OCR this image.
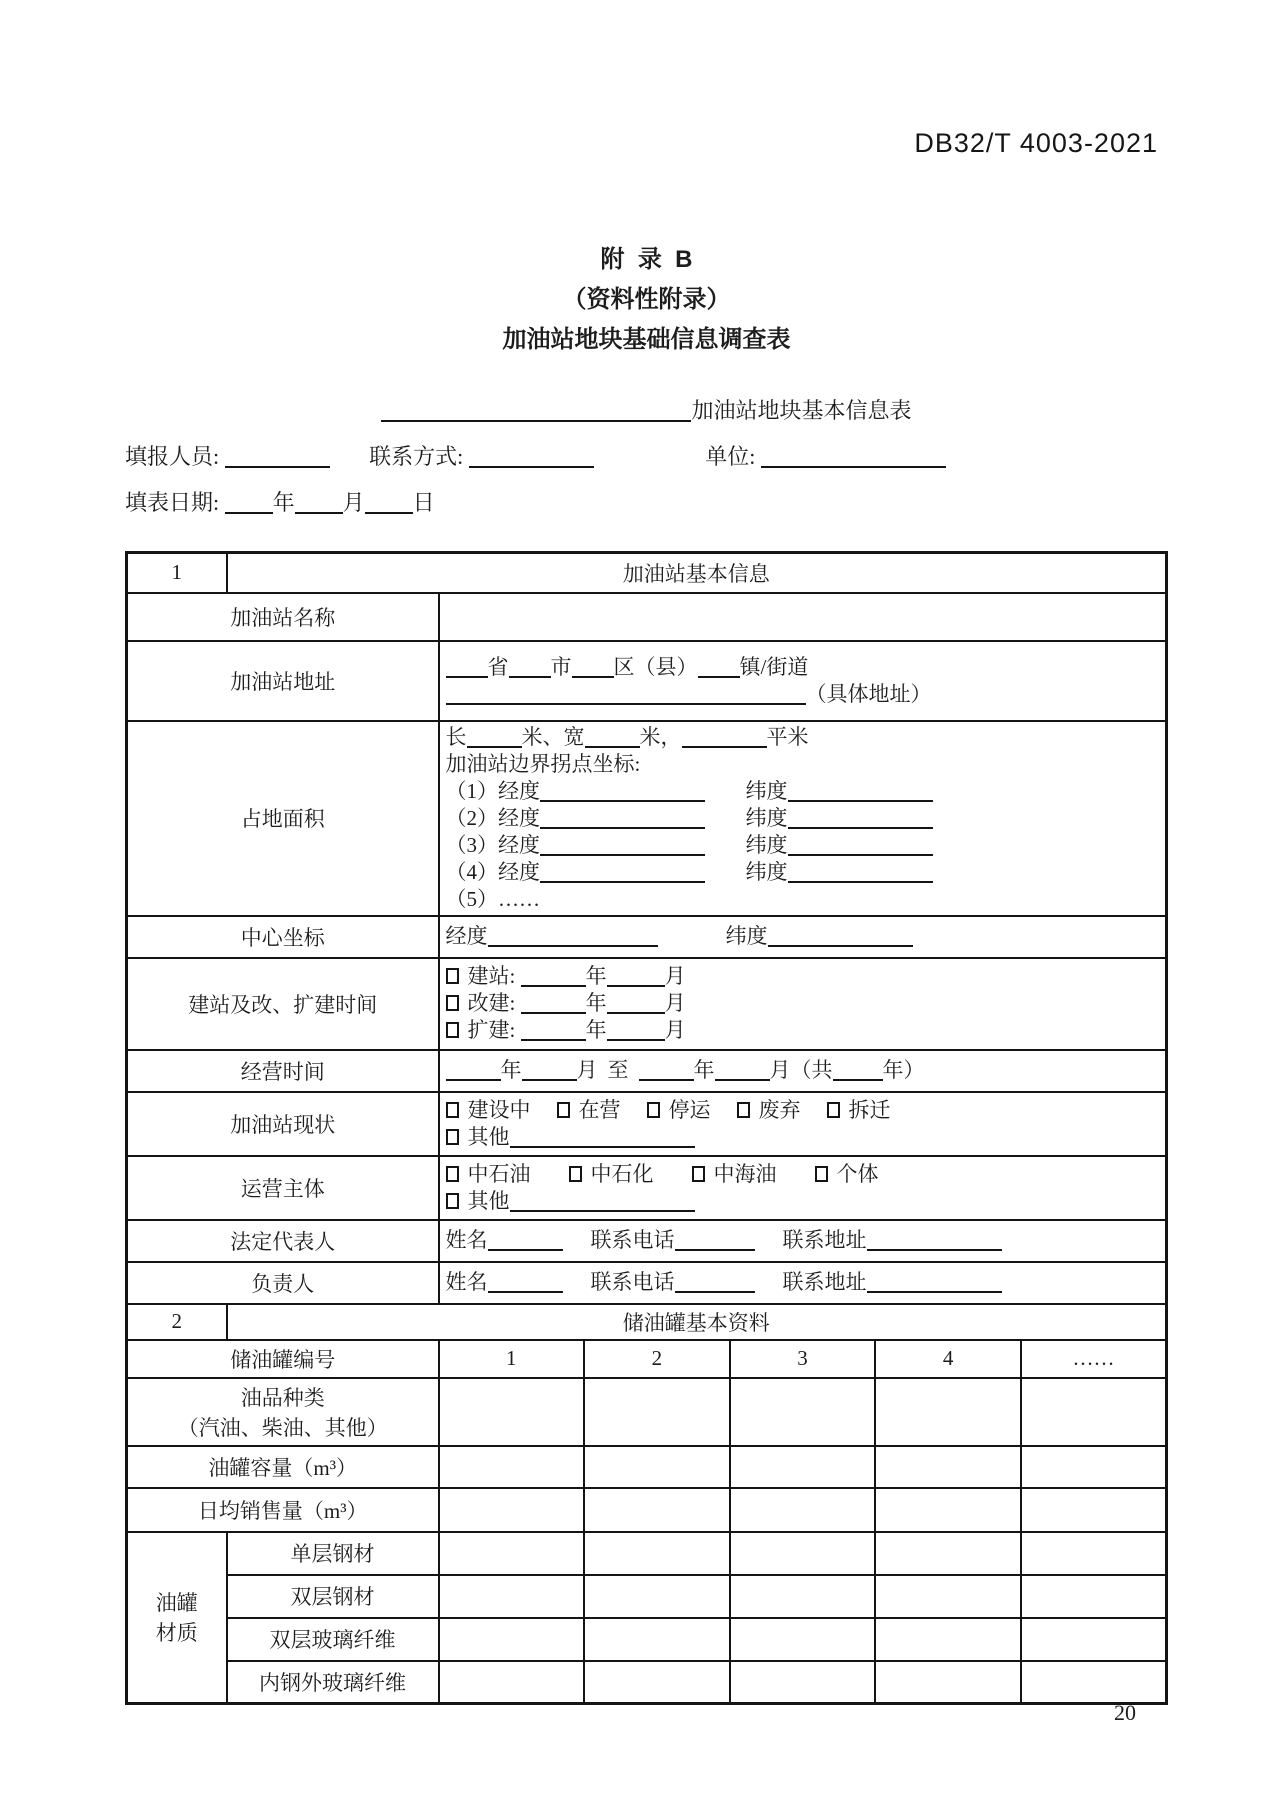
DB32/T 4003-2021
附  录  B
（资料性附录）
加油站地块基础信息调查表
加油站地块基本信息表
填报人员:	联系方式:	单位:
填表日期: 年 月 日
1	加油站基本信息					
加油站名称						
加油站地址		省 市 区（县） 镇/街道
（具体地址）				

占地面积	
长	米、宽	米，	平米
加油站边界拐点坐标:
（1）经度	纬度
（2）经度	纬度
（3）经度	纬度
（4）经度	纬度
（5）……

中心坐标		经度 纬度				

建站及改、扩建时间		建站: 年 月
改建: 年 月
扩建: 年 月				

经营时间		年 月 至 年 月（共 年）				

加油站现状		建设中 在营 停运 废弃 拆迁
其他				

运营主体		中石油 中石化 中海油 个体
其他				

法定代表人		姓名 联系电话 联系地址				

负责人		姓名 联系电话 联系地址				

2	储油罐基本资料					
储油罐编号		1	2	3	4	……

油品种类
（汽油、柴油、其他）						

油罐容量（m³）						
日均销售量（m³）						

油罐
材质	单层钢材					
	双层钢材					
	双层玻璃纤维					
	内钢外玻璃纤维					
20
